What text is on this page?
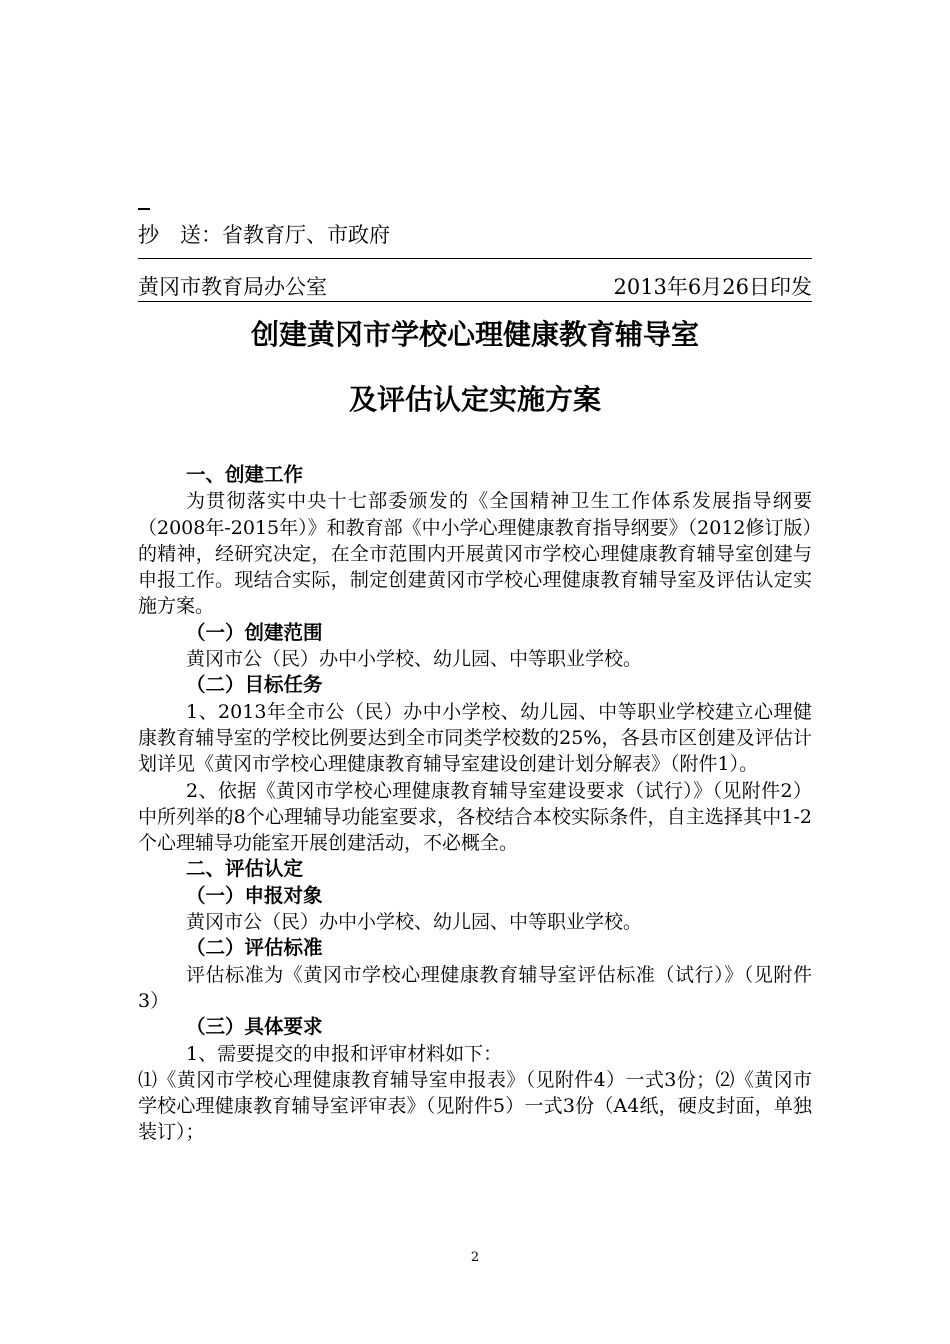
抄　送：省教育厅、市政府
黄冈市教育局办公室	2013年6月26日印发
创建黄冈市学校心理健康教育辅导室
及评估认定实施方案

一、创建工作

为贯彻落实中央十七部委颁发的《全国精神卫生工作体系发展指导纲要（2008年-2015年）》和教育部《中小学心理健康教育指导纲要》（2012修订版）的精神，经研究决定，在全市范围内开展黄冈市学校心理健康教育辅导室创建与申报工作。现结合实际，制定创建黄冈市学校心理健康教育辅导室及评估认定实施方案。

（一）创建范围

黄冈市公（民）办中小学校、幼儿园、中等职业学校。

（二）目标任务

1、2013年全市公（民）办中小学校、幼儿园、中等职业学校建立心理健康教育辅导室的学校比例要达到全市同类学校数的25%，各县市区创建及评估计划详见《黄冈市学校心理健康教育辅导室建设创建计划分解表》（附件1）。

2、依据《黄冈市学校心理健康教育辅导室建设要求（试行）》（见附件2）中所列举的8个心理辅导功能室要求，各校结合本校实际条件，自主选择其中1-2个心理辅导功能室开展创建活动，不必概全。

二、评估认定

（一）申报对象

黄冈市公（民）办中小学校、幼儿园、中等职业学校。

（二）评估标准

评估标准为《黄冈市学校心理健康教育辅导室评估标准（试行）》（见附件3）

（三）具体要求

1、需要提交的申报和评审材料如下：

⑴《黄冈市学校心理健康教育辅导室申报表》（见附件4）一式3份；⑵《黄冈市学校心理健康教育辅导室评审表》（见附件5）一式3份（A4纸，硬皮封面，单独装订）；

2
